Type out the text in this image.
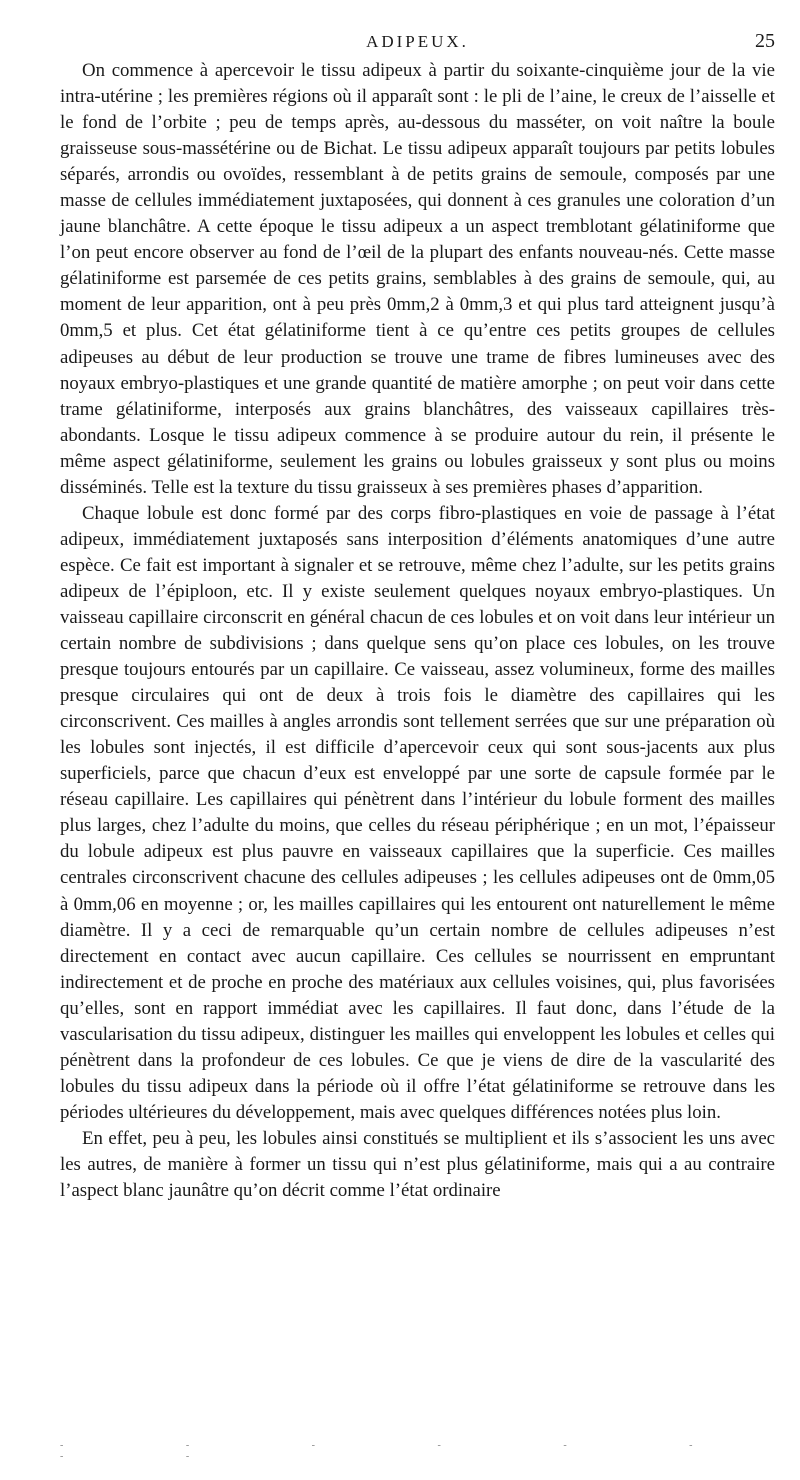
ADIPEUX.	25

On commence à apercevoir le tissu adipeux à partir du soixante-cinquième jour de la vie intra-utérine ; les premières régions où il apparaît sont : le pli de l’aine, le creux de l’aisselle et le fond de l’orbite ; peu de temps après, au-dessous du masséter, on voit naître la boule graisseuse sous-massétérine ou de Bichat. Le tissu adipeux apparaît toujours par petits lobules séparés, arrondis ou ovoïdes, ressemblant à de petits grains de semoule, composés par une masse de cellules immédiatement juxtaposées, qui donnent à ces granules une coloration d’un jaune blanchâtre. A cette époque le tissu adipeux a un aspect tremblotant gélatiniforme que l’on peut encore observer au fond de l’œil de la plupart des enfants nouveau-nés. Cette masse gélatiniforme est parsemée de ces petits grains, semblables à des grains de semoule, qui, au moment de leur apparition, ont à peu près 0mm,2 à 0mm,3 et qui plus tard atteignent jusqu’à 0mm,5 et plus. Cet état gélatiniforme tient à ce qu’entre ces petits groupes de cellules adipeuses au début de leur production se trouve une trame de fibres lumineuses avec des noyaux embryo-plastiques et une grande quantité de matière amorphe ; on peut voir dans cette trame gélatiniforme, interposés aux grains blanchâtres, des vaisseaux capillaires très-abondants. Losque le tissu adipeux commence à se produire autour du rein, il présente le même aspect gélatiniforme, seulement les grains ou lobules graisseux y sont plus ou moins disséminés. Telle est la texture du tissu graisseux à ses premières phases d’apparition.

Chaque lobule est donc formé par des corps fibro-plastiques en voie de passage à l’état adipeux, immédiatement juxtaposés sans interposition d’éléments anatomiques d’une autre espèce. Ce fait est important à signaler et se retrouve, même chez l’adulte, sur les petits grains adipeux de l’épiploon, etc. Il y existe seulement quelques noyaux embryo-plastiques. Un vaisseau capillaire circonscrit en général chacun de ces lobules et on voit dans leur intérieur un certain nombre de subdivisions ; dans quelque sens qu’on place ces lobules, on les trouve presque toujours entourés par un capillaire. Ce vaisseau, assez volumineux, forme des mailles presque circulaires qui ont de deux à trois fois le diamètre des capillaires qui les circonscrivent. Ces mailles à angles arrondis sont tellement serrées que sur une préparation où les lobules sont injectés, il est difficile d’apercevoir ceux qui sont sous-jacents aux plus superficiels, parce que chacun d’eux est enveloppé par une sorte de capsule formée par le réseau capillaire. Les capillaires qui pénètrent dans l’intérieur du lobule forment des mailles plus larges, chez l’adulte du moins, que celles du réseau périphérique ; en un mot, l’épaisseur du lobule adipeux est plus pauvre en vaisseaux capillaires que la superficie. Ces mailles centrales circonscrivent chacune des cellules adipeuses ; les cellules adipeuses ont de 0mm,05 à 0mm,06 en moyenne ; or, les mailles capillaires qui les entourent ont naturellement le même diamètre. Il y a ceci de remarquable qu’un certain nombre de cellules adipeuses n’est directement en contact avec aucun capillaire. Ces cellules se nourrissent en empruntant indirectement et de proche en proche des matériaux aux cellules voisines, qui, plus favorisées qu’elles, sont en rapport immédiat avec les capillaires. Il faut donc, dans l’étude de la vascularisation du tissu adipeux, distinguer les mailles qui enveloppent les lobules et celles qui pénètrent dans la profondeur de ces lobules. Ce que je viens de dire de la vascularité des lobules du tissu adipeux dans la période où il offre l’état gélatiniforme se retrouve dans les périodes ultérieures du développement, mais avec quelques différences notées plus loin.

En effet, peu à peu, les lobules ainsi constitués se multiplient et ils s’associent les uns avec les autres, de manière à former un tissu qui n’est plus gélatiniforme, mais qui a au contraire l’aspect blanc jaunâtre qu’on décrit comme l’état ordinaire

- - - - - - - -
